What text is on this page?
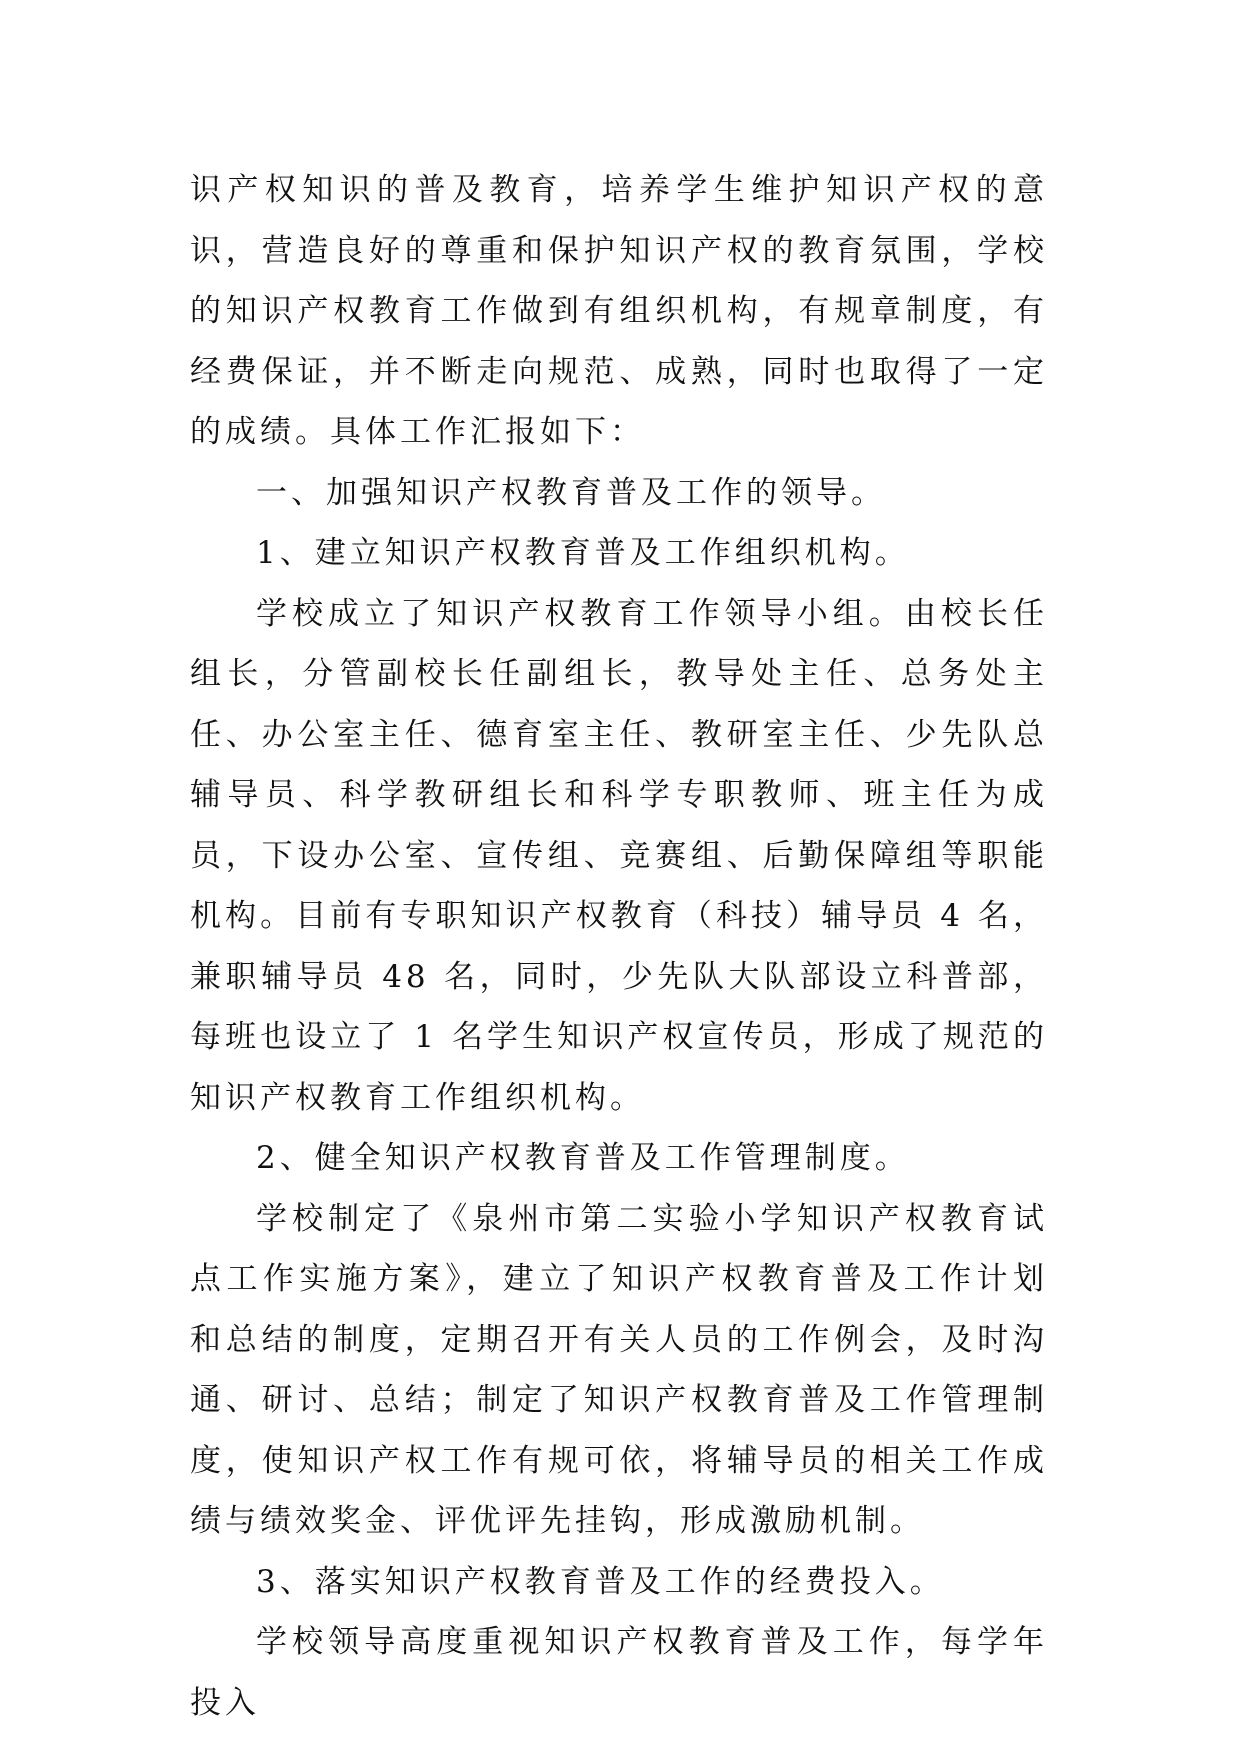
识产权知识的普及教育，培养学生维护知识产权的意识，营造良好的尊重和保护知识产权的教育氛围，学校的知识产权教育工作做到有组织机构，有规章制度，有经费保证，并不断走向规范、成熟，同时也取得了一定的成绩。具体工作汇报如下：

一、加强知识产权教育普及工作的领导。

1、建立知识产权教育普及工作组织机构。

学校成立了知识产权教育工作领导小组。由校长任组长，分管副校长任副组长，教导处主任、总务处主任、办公室主任、德育室主任、教研室主任、少先队总辅导员、科学教研组长和科学专职教师、班主任为成员，下设办公室、宣传组、竞赛组、后勤保障组等职能机构。目前有专职知识产权教育（科技）辅导员 4 名，兼职辅导员 48 名，同时，少先队大队部设立科普部，每班也设立了 1 名学生知识产权宣传员，形成了规范的知识产权教育工作组织机构。

2、健全知识产权教育普及工作管理制度。

学校制定了《泉州市第二实验小学知识产权教育试点工作实施方案》，建立了知识产权教育普及工作计划和总结的制度，定期召开有关人员的工作例会，及时沟通、研讨、总结；制定了知识产权教育普及工作管理制度，使知识产权工作有规可依，将辅导员的相关工作成绩与绩效奖金、评优评先挂钩，形成激励机制。

3、落实知识产权教育普及工作的经费投入。

学校领导高度重视知识产权教育普及工作，每学年投入
